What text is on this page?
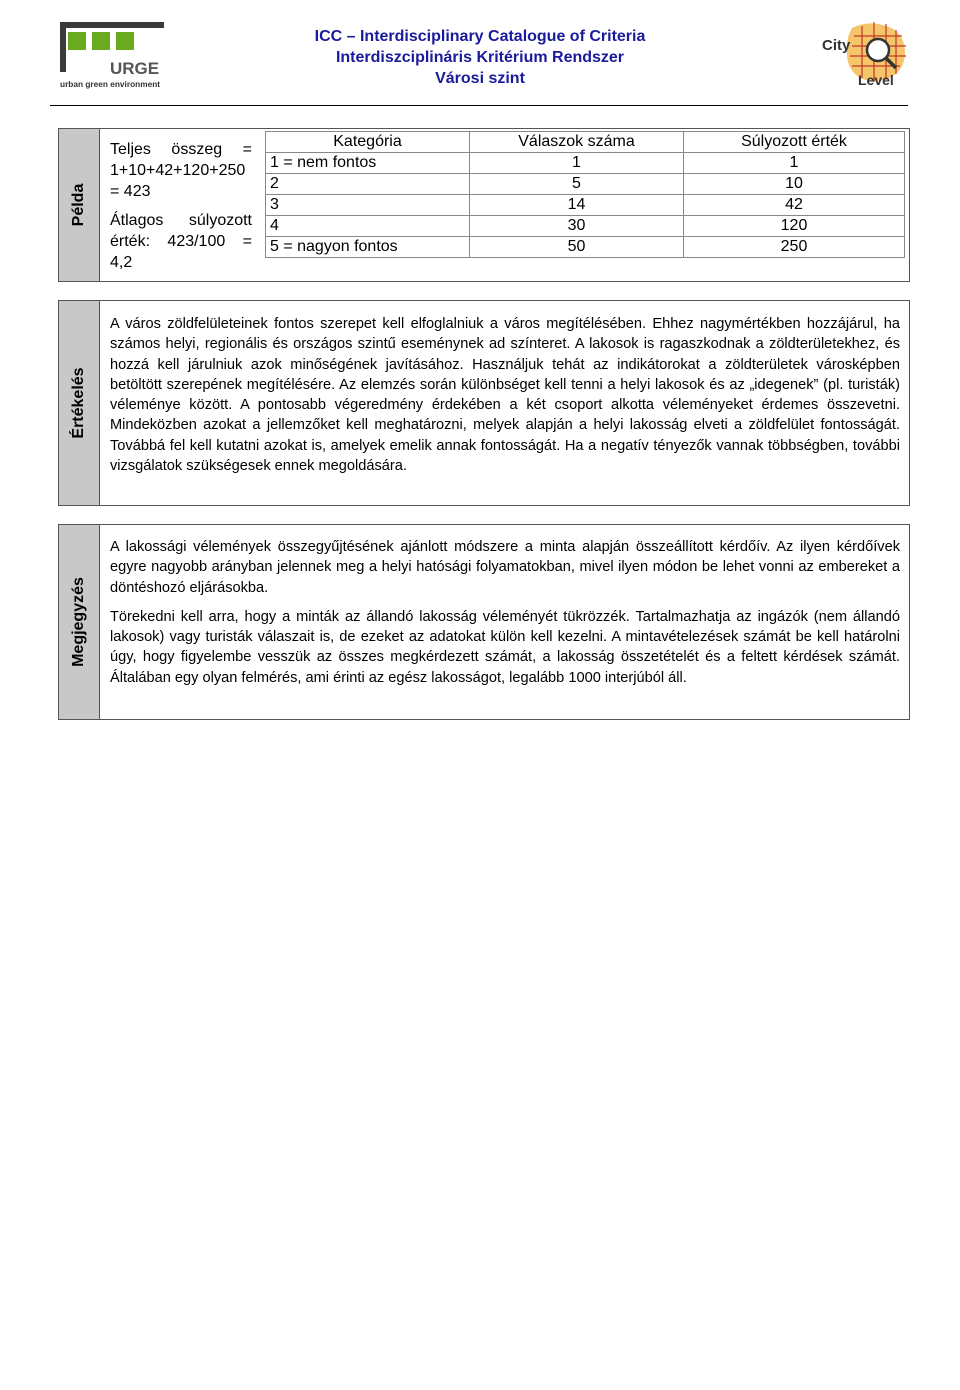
URGE
urban green environment
ICC – Interdisciplinary Catalogue of Criteria
Interdiszciplináris Kritérium Rendszer
Városi szint
City
Level
Példa
Teljes összeg =
1+10+42+120+250 = 423
Átlagos súlyozott érték: 423/100 = 4,2
Kategória	Válaszok száma	Súlyozott érték
1 = nem fontos	1	1
2	5	10
3	14	42
4	30	120
5 = nagyon fontos	50	250
Értékelés

A város zöldfelületeinek fontos szerepet kell elfoglalniuk a város megítélésében. Ehhez nagymértékben hozzájárul, ha számos helyi, regionális és országos szintű eseménynek ad színteret. A lakosok is ragaszkodnak a zöldterületekhez, és hozzá kell járulniuk azok minőségének javításához. Használjuk tehát az indikátorokat a zöldterületek városképben betöltött szerepének megítélésére. Az elemzés során különbséget kell tenni a helyi lakosok és az „idegenek” (pl. turisták) véleménye között. A pontosabb végeredmény érdekében a két csoport alkotta véleményeket érdemes összevetni. Mindeközben azokat a jellemzőket kell meghatározni, melyek alapján a helyi lakosság elveti a zöldfelület fontosságát. Továbbá fel kell kutatni azokat is, amelyek emelik annak fontosságát. Ha a negatív tényezők vannak többségben, további vizsgálatok szükségesek ennek megoldására.

Megjegyzés

A lakossági vélemények összegyűjtésének ajánlott módszere a minta alapján összeállított kérdőív. Az ilyen kérdőívek egyre nagyobb arányban jelennek meg a helyi hatósági folyamatokban, mivel ilyen módon be lehet vonni az embereket a döntéshozó eljárásokba.

Törekedni kell arra, hogy a minták az állandó lakosság véleményét tükrözzék. Tartalmazhatja az ingázók (nem állandó lakosok) vagy turisták válaszait is, de ezeket az adatokat külön kell kezelni. A mintavételezések számát be kell határolni úgy, hogy figyelembe vesszük az összes megkérdezett számát, a lakosság összetételét és a feltett kérdések számát. Általában egy olyan felmérés, ami érinti az egész lakosságot, legalább 1000 interjúból áll.
